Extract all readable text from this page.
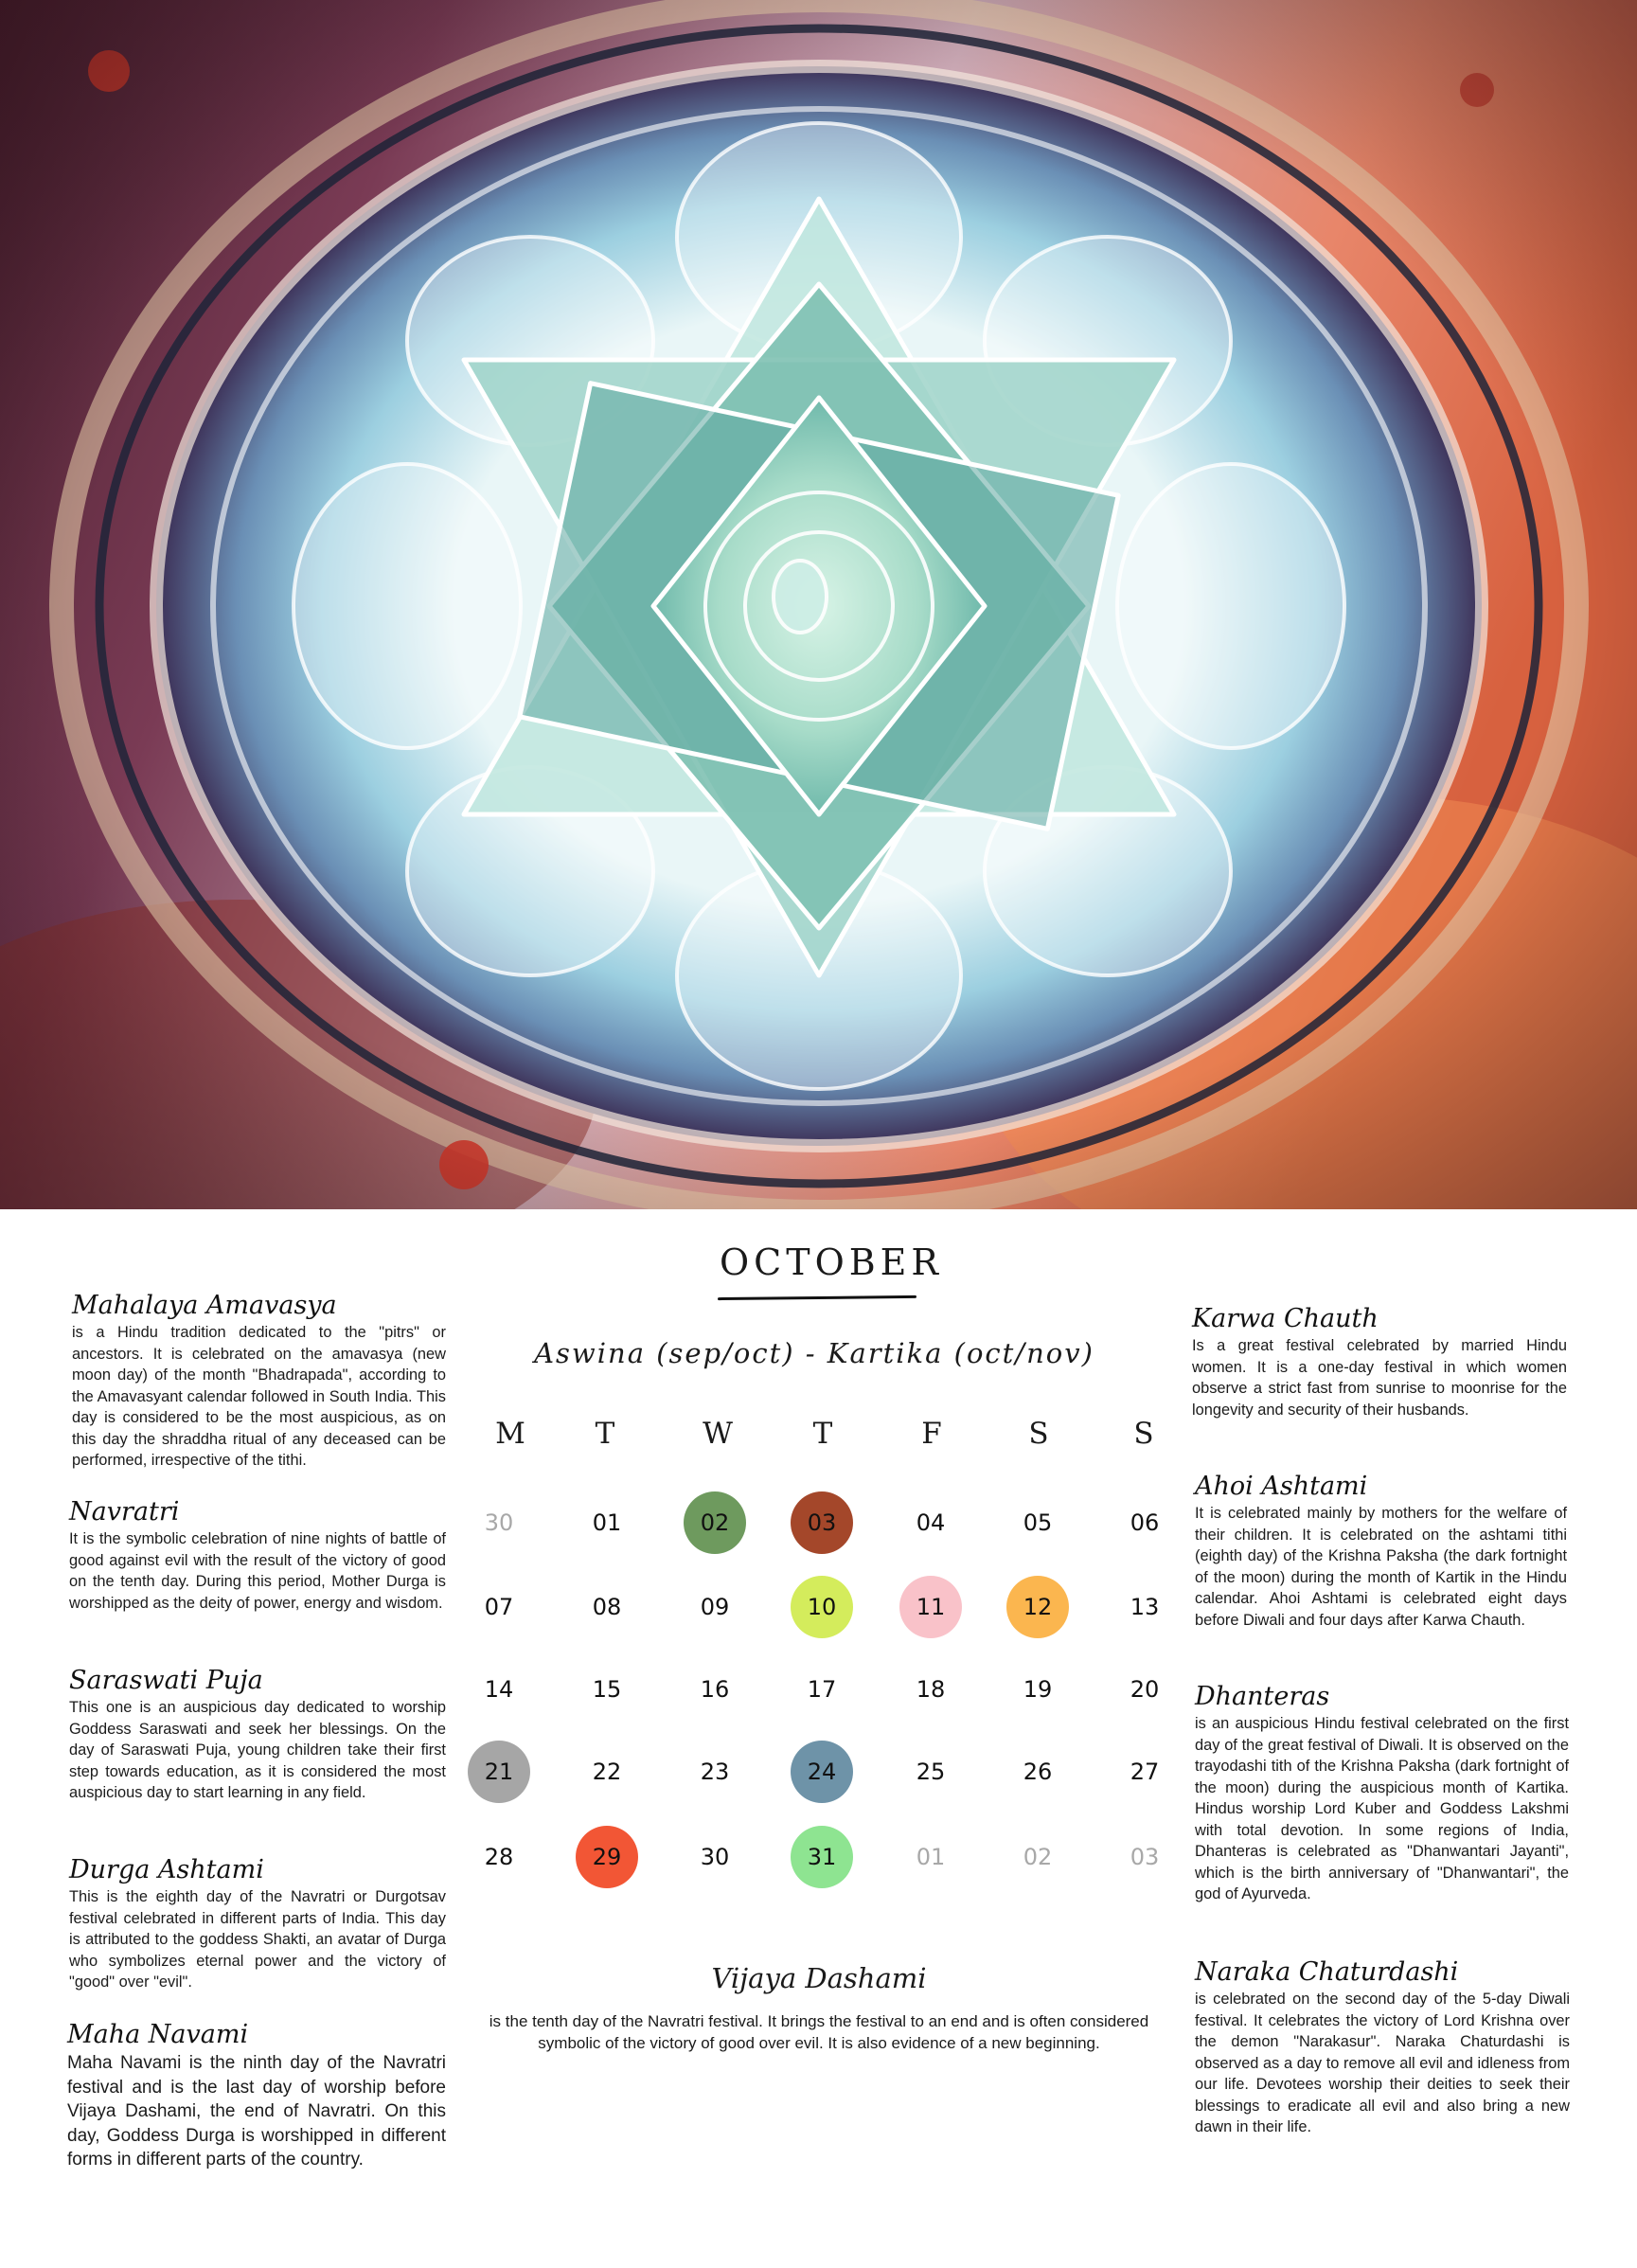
Mahalaya Amavasya

is a Hindu tradition dedicated to the "pitrs" or ancestors. It is celebrated on the amavasya (new moon day) of the month "Bhadrapada", according to the Amavasyant calendar followed in South India. This day is considered to be the most auspicious, as on this day the shraddha ritual of any deceased can be performed, irrespective of the tithi.

Navratri

It is the symbolic celebration of nine nights of battle of good against evil with the result of the victory of good on the tenth day. During this period, Mother Durga is worshipped as the deity of power, energy and wisdom.

Saraswati Puja

This one is an auspicious day dedicated to worship Goddess Saraswati and seek her blessings. On the day of Saraswati Puja, young children take their first step towards education, as it is considered the most auspicious day to start learning in any field.

Durga Ashtami

This is the eighth day of the Navratri or Durgotsav festival celebrated in different parts of India. This day is attributed to the goddess Shakti, an avatar of Durga who symbolizes eternal power and the victory of "good" over "evil".

Maha Navami

Maha Navami is the ninth day of the Navratri festival and is the last day of worship before Vijaya Dashami, the end of Navratri. On this day, Goddess Durga is worshipped in different forms in different parts of the country.

OCTOBER
Aswina (sep/oct) - Kartika (oct/nov)
M	T	W	T	F	S	S
30	01	02	03	04	05	06
07	08	09	10	11	12	13
14	15	16	17	18	19	20
21	22	23	24	25	26	27
28	29	30	31	01	02	03
Vijaya Dashami

is the tenth day of the Navratri festival. It brings the festival to an end and is often considered symbolic of the victory of good over evil. It is also evidence of a new beginning.

Karwa Chauth

Is a great festival celebrated by married Hindu women. It is a one-day festival in which women observe a strict fast from sunrise to moonrise for the longevity and security of their husbands.

Ahoi Ashtami

It is celebrated mainly by mothers for the welfare of their children. It is celebrated on the ashtami tithi (eighth day) of the Krishna Paksha (the dark fortnight of the moon) during the month of Kartik in the Hindu calendar. Ahoi Ashtami is celebrated eight days before Diwali and four days after Karwa Chauth.

Dhanteras

is an auspicious Hindu festival celebrated on the first day of the great festival of Diwali. It is observed on the trayodashi tith of the Krishna Paksha (dark fortnight of the moon) during the auspicious month of Kartika. Hindus worship Lord Kuber and Goddess Lakshmi with total devotion. In some regions of India, Dhanteras is celebrated as "Dhanwantari Jayanti", which is the birth anniversary of "Dhanwantari", the god of Ayurveda.

Naraka Chaturdashi

is celebrated on the second day of the 5-day Diwali festival. It celebrates the victory of Lord Krishna over the demon "Narakasur". Naraka Chaturdashi is observed as a day to remove all evil and idleness from our life. Devotees worship their deities to seek their blessings to eradicate all evil and also bring a new dawn in their life.
